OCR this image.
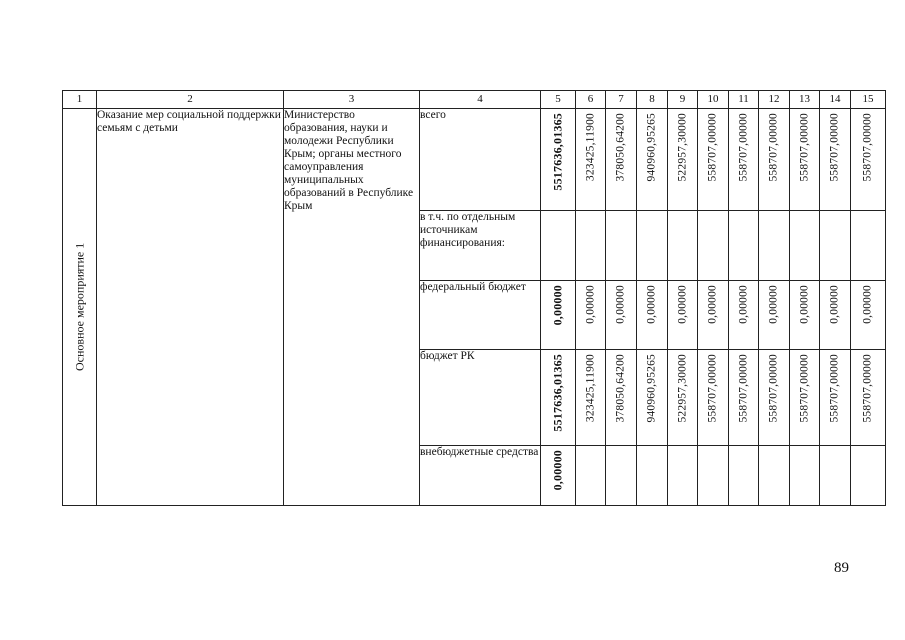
1	2	3	4	5	6	7	8	9	10	11	12	13	14	15

Основное мероприятие 1	Оказание мер социальной поддержки семьям с детьми	Министерство образования, науки и молодежи Республики Крым; органы местного самоуправления муниципальных образований в Республике Крым	всего	5517636,01365	323425,11900	378050,64200	940960,95265	522957,30000	558707,00000	558707,00000	558707,00000	558707,00000	558707,00000	558707,00000

			в т.ч. по отдельным источникам финансирования:	

			федеральный бюджет	0,00000	0,00000	0,00000	0,00000	0,00000	0,00000	0,00000	0,00000	0,00000	0,00000	0,00000

			бюджет РК	5517636,01365	323425,11900	378050,64200	940960,95265	522957,30000	558707,00000	558707,00000	558707,00000	558707,00000	558707,00000	558707,00000

			внебюджетные средства	0,00000										

89
